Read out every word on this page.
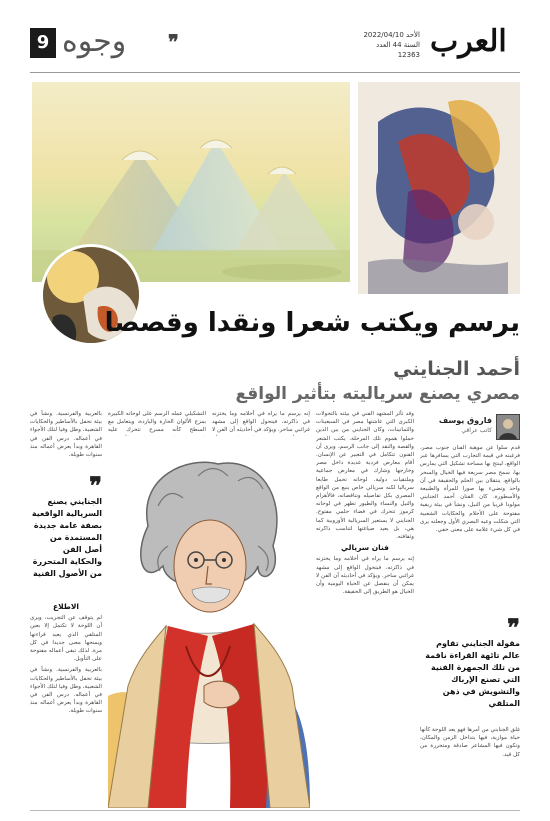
9 وجوه ❞	الأحد 2022/04/10
السنة 44 العدد 12363 العرب
يرسم ويكتب شعرا ونقدا وقصصا
أحمد الجنايني
مصري يصنع سرياليته بتأثير الواقع
فاروق يوسف
كاتب عراقي

قدم سلوا عن موهبة الفنان جنوب مصر، فرغبته في قيمة التجارب التي يسافرها عبر الواقع، لينتج بها مساحة تشكيل التي يمارس بها، سمح مصر سريعة فيها الخيال والسحر بالواقع، ينتقلان بين الحلم والحقيقة في آن واحد وتضيء بها صورا للمرأة والطبيعة والأسطورة. كان الفنان أحمد الجنايني مولودا قريبا من النيل، ونشأ في بيئة ريفية مفتوحة على الأحلام والحكايات الشعبية التي شكلت وعيه البصري الأول وجعلته يرى في كل شيء علامة على معنى خفي.

❞
مقولة الجنايني تقاوم عالم تائهة القراءة ناقمة من تلك الجمهرة الفنية التي تصنع الإرباك والتشويش في ذهن المتلقي

غلق الجنايني من أمرها فهو يعد اللوحة كأنها حياة موازية، فيها يتداخل الزمن والمكان، وتكون فيها المشاعر صادقة ومتحررة من كل قيد.

وقد تأثر المشهد الفني في بيئته بالتحولات الكبرى التي عاشتها مصر في السبعينات والثمانينات، وكان الجنايني من بين الذين حملوا هموم تلك المرحلة. يكتب الشعر والقصة والنقد إلى جانب الرسم، ويرى أن الفنون تتكامل في التعبير عن الإنسان. أقام معارض فردية عديدة داخل مصر وخارجها وشارك في معارض جماعية وملتقيات دولية. لوحاته تحمل طابعا سرياليا لكنه سريالي خاص ينبع من الواقع المصري بكل تفاصيله وتناقضاته، فالأهرام والنيل والنساء والطيور تظهر في لوحاته كرموز تتحرك في فضاء حلمي مفتوح. الجنايني لا يستعير السريالية الأوروبية كما هي، بل يعيد صياغتها لتناسب ذاكرته وثقافته.

فنان سريالي

إنه يرسم ما يراه في أحلامه وما يختزنه في ذاكرته، فيتحول الواقع إلى مشهد غرائبي ساحر. ويؤكد في أحاديثه أن الفن لا يمكن أن ينفصل عن الحياة اليومية وأن الخيال هو الطريق إلى الحقيقة.

إنه يرسم ما يراه في أحلامه وما يختزنه في ذاكرته، فيتحول الواقع إلى مشهد غرائبي ساحر. ويؤكد في أحاديثه أن الفن لا

التشكيلي عمله الرسم على لوحاته الكبيرة بمزج الألوان الحارة والباردة، ويتعامل مع السطح كأنه مسرح تتحرك عليه

بالعربية والفرنسية. ونشأ في بيئة تحفل بالأساطير والحكايات الشعبية، وظل وفيا لتلك الأجواء في أعماله. درس الفن في القاهرة وبدأ يعرض أعماله منذ سنوات طويلة.

❞
الجنايني يصنع السريالية الواقعية بصفة عامة جديدة المستمدة من أصل الفن والحكاية المتحررة من الأصول الفنية
الاطلاع

لم يتوقف عن التجريب، ويرى أن اللوحة لا تكتمل إلا بعين المتلقي الذي يعيد قراءتها ويمنحها معنى جديدا في كل مرة. لذلك تبقى أعماله مفتوحة على التأويل.

بالعربية والفرنسية. ونشأ في بيئة تحفل بالأساطير والحكايات الشعبية، وظل وفيا لتلك الأجواء في أعماله. درس الفن في القاهرة وبدأ يعرض أعماله منذ سنوات طويلة.
